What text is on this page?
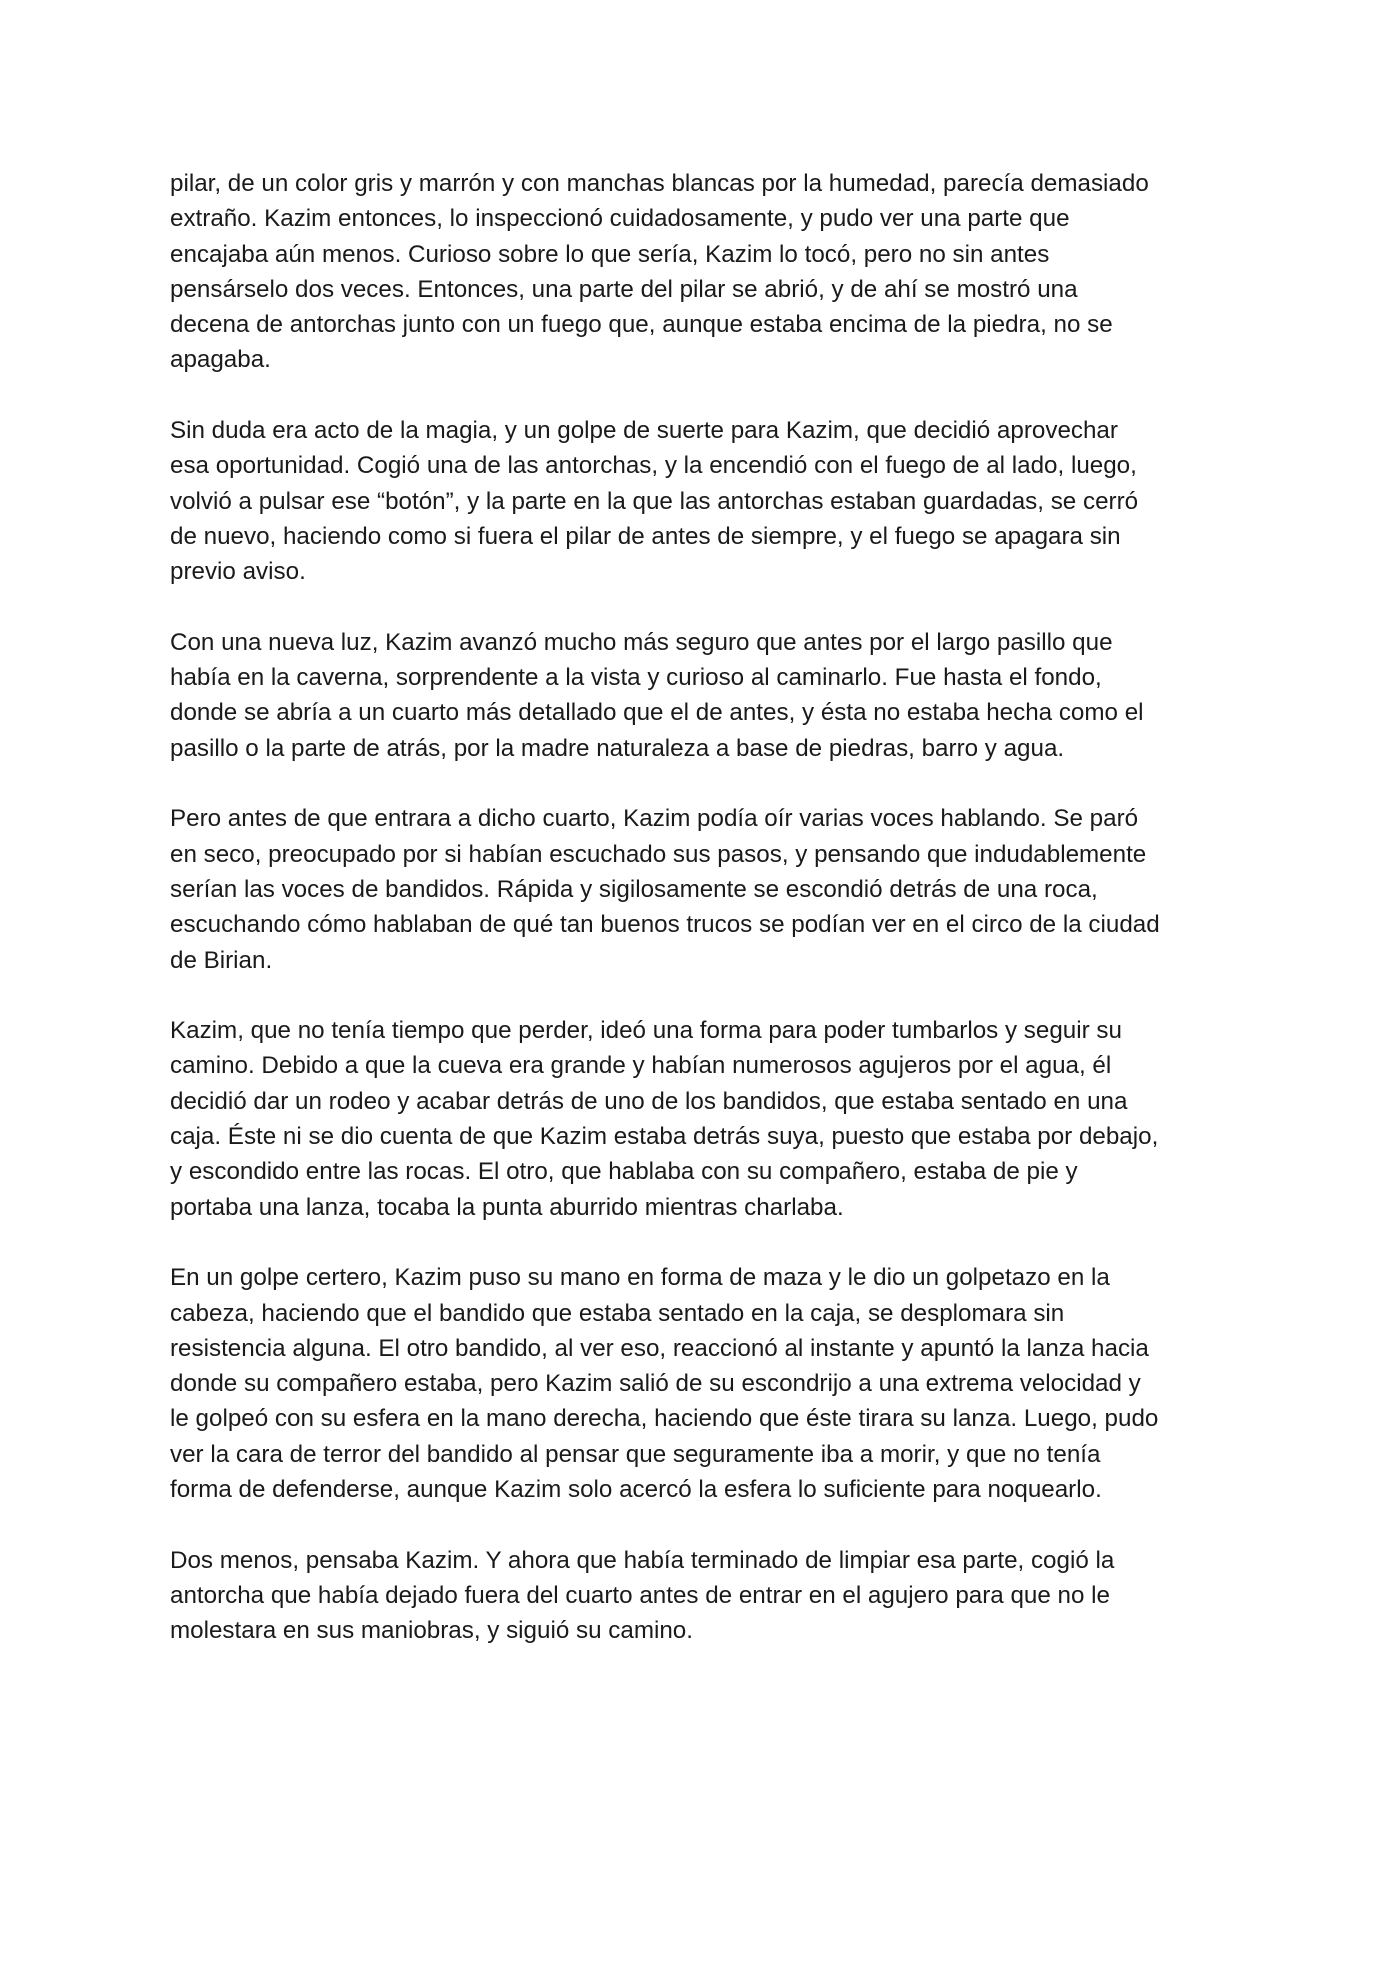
pilar, de un color gris y marrón y con manchas blancas por la humedad, parecía demasiado
extraño. Kazim entonces, lo inspeccionó cuidadosamente, y pudo ver una parte que
encajaba aún menos. Curioso sobre lo que sería, Kazim lo tocó, pero no sin antes
pensárselo dos veces. Entonces, una parte del pilar se abrió, y de ahí se mostró una
decena de antorchas junto con un fuego que, aunque estaba encima de la piedra, no se
apagaba.

Sin duda era acto de la magia, y un golpe de suerte para Kazim, que decidió aprovechar
esa oportunidad. Cogió una de las antorchas, y la encendió con el fuego de al lado, luego,
volvió a pulsar ese “botón”, y la parte en la que las antorchas estaban guardadas, se cerró
de nuevo, haciendo como si fuera el pilar de antes de siempre, y el fuego se apagara sin
previo aviso.

Con una nueva luz, Kazim avanzó mucho más seguro que antes por el largo pasillo que
había en la caverna, sorprendente a la vista y curioso al caminarlo. Fue hasta el fondo,
donde se abría a un cuarto más detallado que el de antes, y ésta no estaba hecha como el
pasillo o la parte de atrás, por la madre naturaleza a base de piedras, barro y agua.

Pero antes de que entrara a dicho cuarto, Kazim podía oír varias voces hablando. Se paró
en seco, preocupado por si habían escuchado sus pasos, y pensando que indudablemente
serían las voces de bandidos. Rápida y sigilosamente se escondió detrás de una roca,
escuchando cómo hablaban de qué tan buenos trucos se podían ver en el circo de la ciudad
de Birian.

Kazim, que no tenía tiempo que perder, ideó una forma para poder tumbarlos y seguir su
camino. Debido a que la cueva era grande y habían numerosos agujeros por el agua, él
decidió dar un rodeo y acabar detrás de uno de los bandidos, que estaba sentado en una
caja. Éste ni se dio cuenta de que Kazim estaba detrás suya, puesto que estaba por debajo,
y escondido entre las rocas. El otro, que hablaba con su compañero, estaba de pie y
portaba una lanza, tocaba la punta aburrido mientras charlaba.

En un golpe certero, Kazim puso su mano en forma de maza y le dio un golpetazo en la
cabeza, haciendo que el bandido que estaba sentado en la caja, se desplomara sin
resistencia alguna. El otro bandido, al ver eso, reaccionó al instante y apuntó la lanza hacia
donde su compañero estaba, pero Kazim salió de su escondrijo a una extrema velocidad y
le golpeó con su esfera en la mano derecha, haciendo que éste tirara su lanza. Luego, pudo
ver la cara de terror del bandido al pensar que seguramente iba a morir, y que no tenía
forma de defenderse, aunque Kazim solo acercó la esfera lo suficiente para noquearlo.

Dos menos, pensaba Kazim. Y ahora que había terminado de limpiar esa parte, cogió la
antorcha que había dejado fuera del cuarto antes de entrar en el agujero para que no le
molestara en sus maniobras, y siguió su camino.
